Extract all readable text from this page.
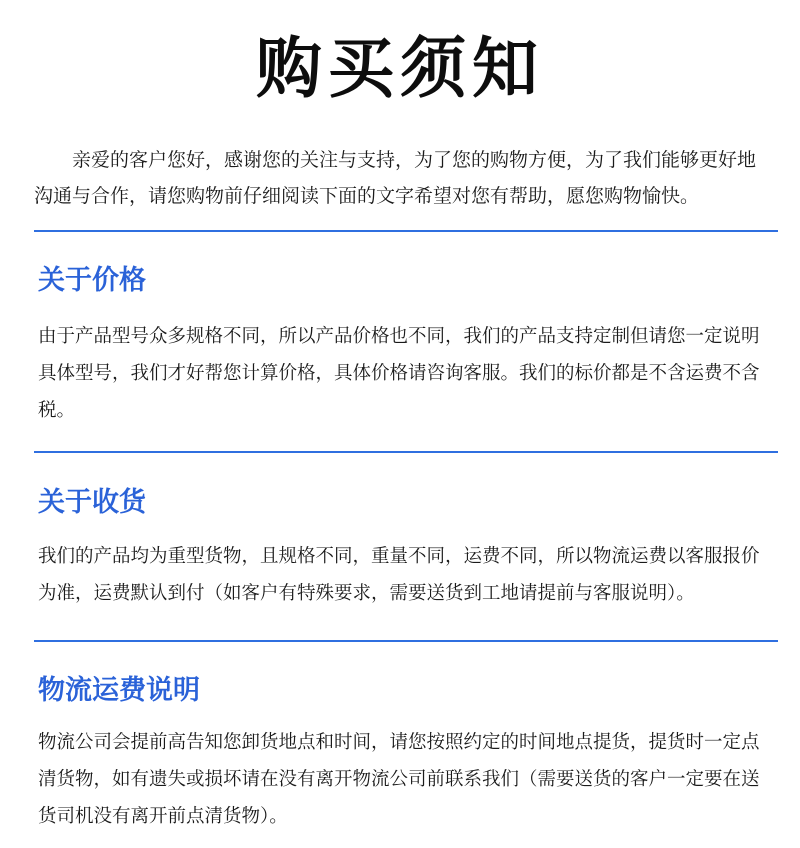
购买须知

亲爱的客户您好，感谢您的关注与支持，为了您的购物方便，为了我们能够更好地沟通与合作，请您购物前仔细阅读下面的文字希望对您有帮助，愿您购物愉快。

关于价格

由于产品型号众多规格不同，所以产品价格也不同，我们的产品支持定制但请您一定说明具体型号，我们才好帮您计算价格，具体价格请咨询客服。我们的标价都是不含运费不含税。

关于收货

我们的产品均为重型货物，且规格不同，重量不同，运费不同，所以物流运费以客服报价为准，运费默认到付（如客户有特殊要求，需要送货到工地请提前与客服说明）。

物流运费说明

物流公司会提前高告知您卸货地点和时间，请您按照约定的时间地点提货，提货时一定点清货物，如有遗失或损坏请在没有离开物流公司前联系我们（需要送货的客户一定要在送货司机没有离开前点清货物）。
